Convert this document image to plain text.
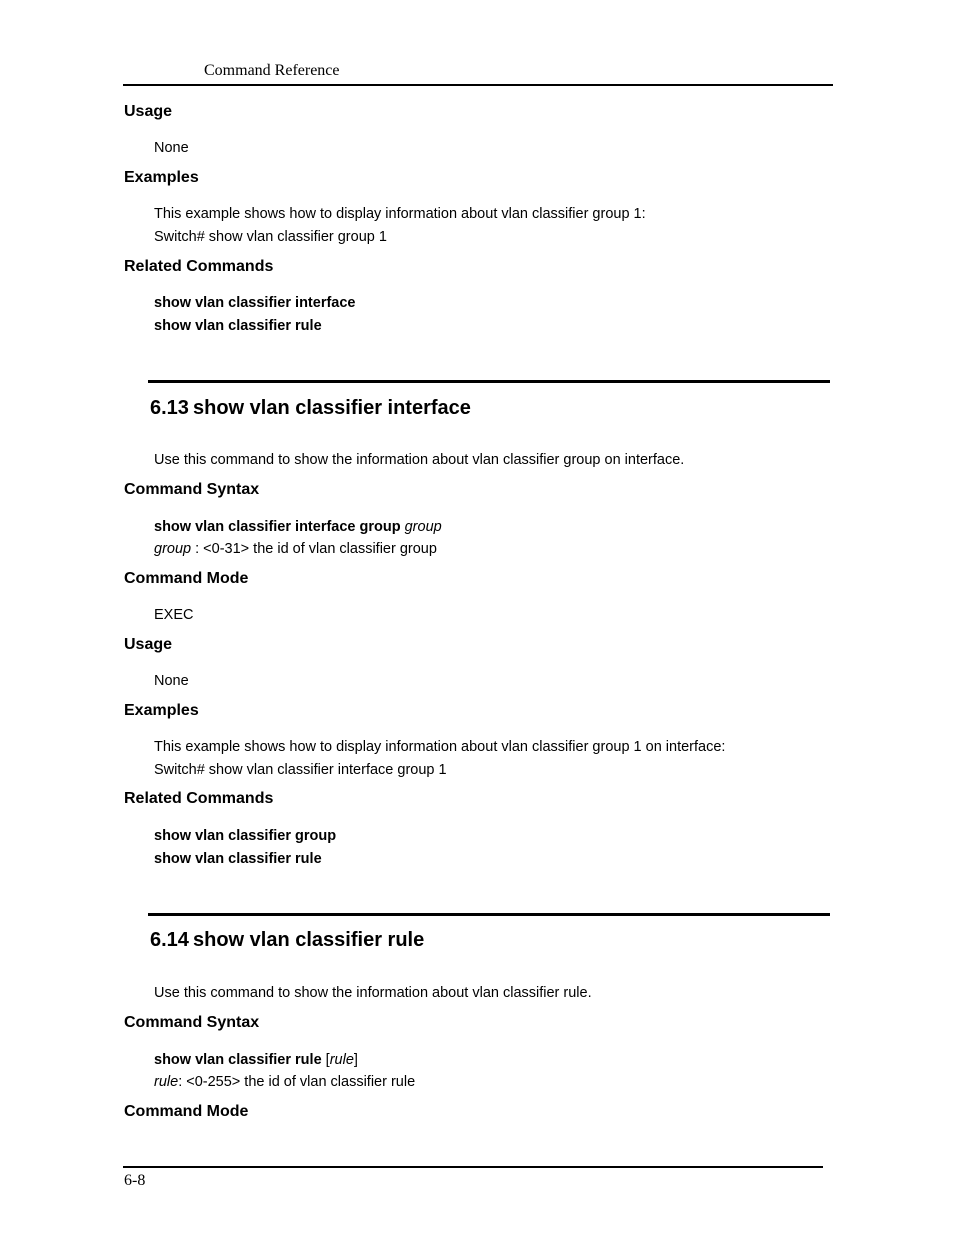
Command Reference
Usage
None
Examples
This example shows how to display information about vlan classifier group 1:
Switch# show vlan classifier group 1
Related Commands
show vlan classifier interface
show vlan classifier rule
6.13 show vlan classifier interface
Use this command to show the information about vlan classifier group on interface.
Command Syntax
show vlan classifier interface group group
group : <0-31> the id of vlan classifier group
Command Mode
EXEC
Usage
None
Examples
This example shows how to display information about vlan classifier group 1 on interface:
Switch# show vlan classifier interface group 1
Related Commands
show vlan classifier group
show vlan classifier rule
6.14 show vlan classifier rule
Use this command to show the information about vlan classifier rule.
Command Syntax
show vlan classifier rule [rule]
rule: <0-255> the id of vlan classifier rule
Command Mode
6-8
